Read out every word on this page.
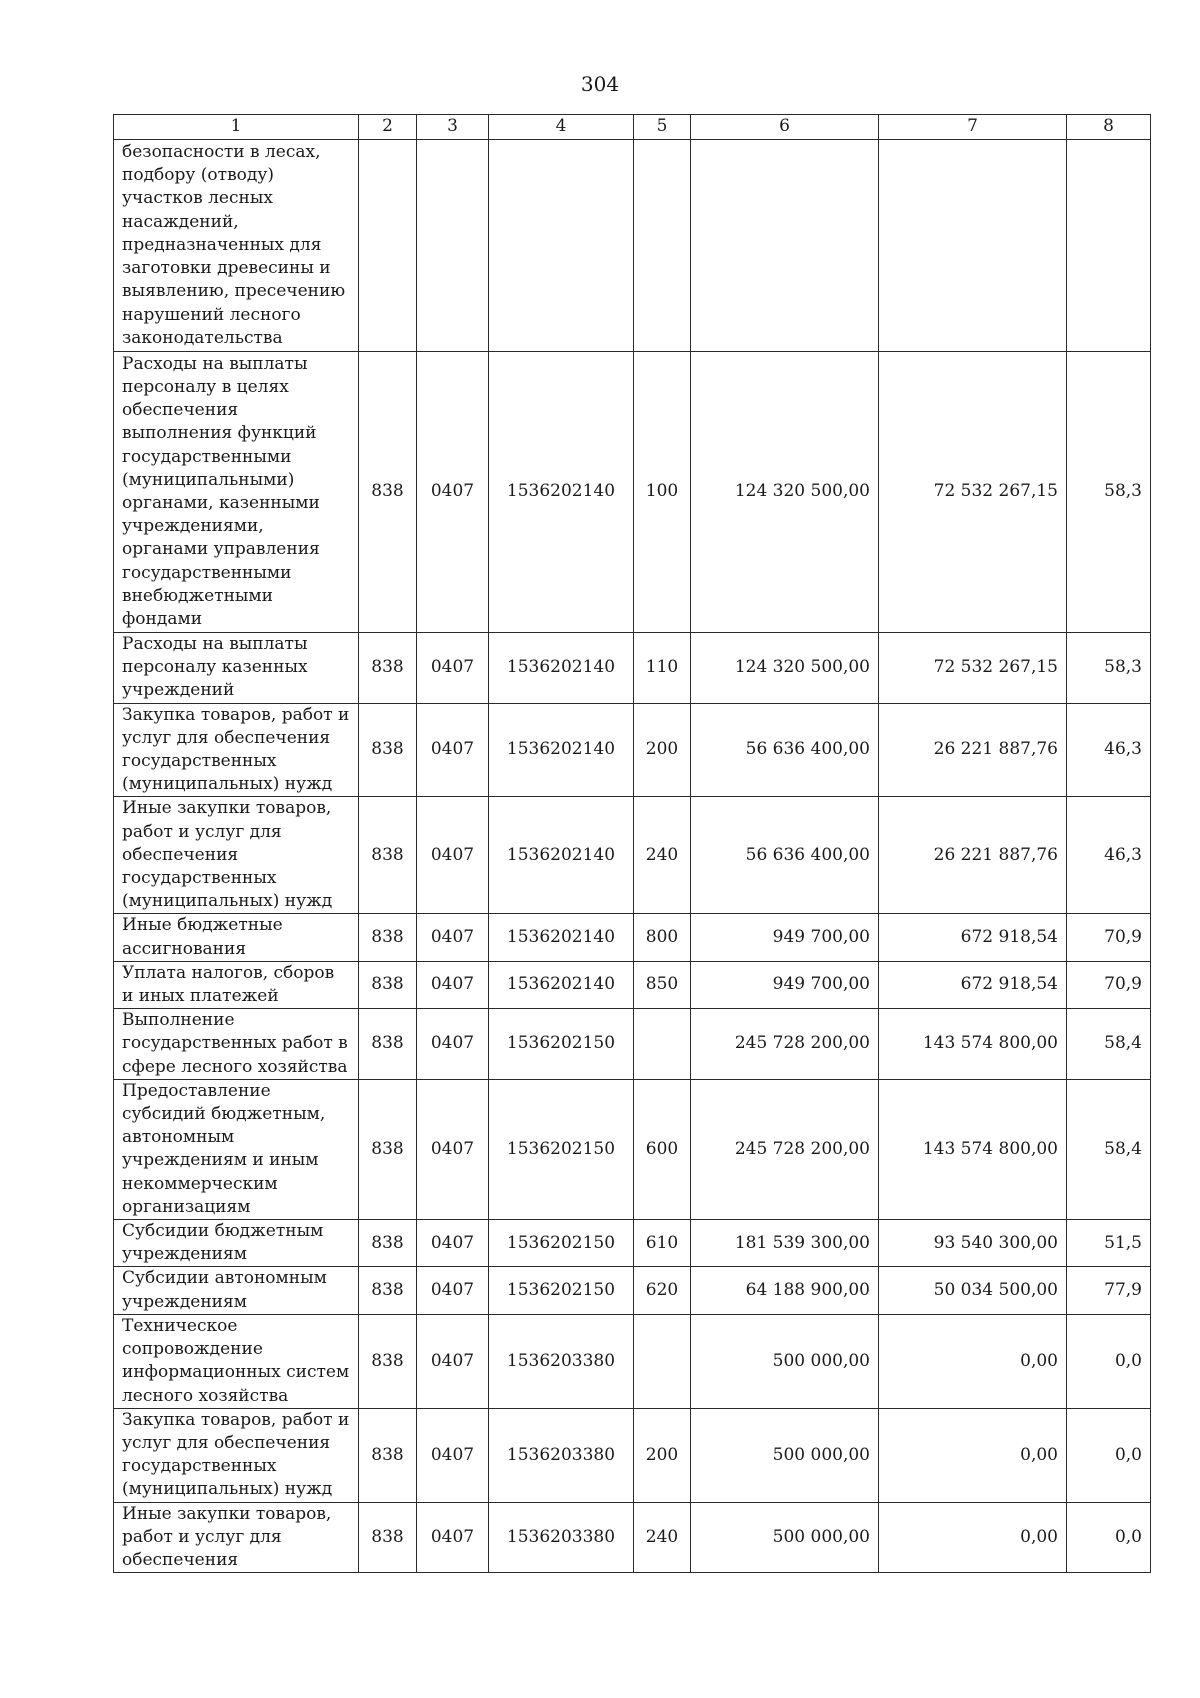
304
1	2	3	4	5	6	7	8
безопасности в лесах, подбору (отводу) участков лесных насаждений, предназначенных для заготовки древесины и выявлению, пресечению нарушений лесного законодательства							
Расходы на выплаты персоналу в целях обеспечения выполнения функций государственными (муниципальными) органами, казенными учреждениями, органами управления государственными внебюджетными фондами	838	0407	1536202140	100	124 320 500,00	72 532 267,15	58,3
Расходы на выплаты персоналу казенных учреждений	838	0407	1536202140	110	124 320 500,00	72 532 267,15	58,3
Закупка товаров, работ и услуг для обеспечения государственных (муниципальных) нужд	838	0407	1536202140	200	56 636 400,00	26 221 887,76	46,3
Иные закупки товаров, работ и услуг для обеспечения государственных (муниципальных) нужд	838	0407	1536202140	240	56 636 400,00	26 221 887,76	46,3
Иные бюджетные ассигнования	838	0407	1536202140	800	949 700,00	672 918,54	70,9
Уплата налогов, сборов и иных платежей	838	0407	1536202140	850	949 700,00	672 918,54	70,9
Выполнение государственных работ в сфере лесного хозяйства	838	0407	1536202150		245 728 200,00	143 574 800,00	58,4
Предоставление субсидий бюджетным, автономным учреждениям и иным некоммерческим организациям	838	0407	1536202150	600	245 728 200,00	143 574 800,00	58,4
Субсидии бюджетным учреждениям	838	0407	1536202150	610	181 539 300,00	93 540 300,00	51,5
Субсидии автономным учреждениям	838	0407	1536202150	620	64 188 900,00	50 034 500,00	77,9
Техническое сопровождение информационных систем лесного хозяйства	838	0407	1536203380		500 000,00	0,00	0,0
Закупка товаров, работ и услуг для обеспечения государственных (муниципальных) нужд	838	0407	1536203380	200	500 000,00	0,00	0,0
Иные закупки товаров, работ и услуг для обеспечения	838	0407	1536203380	240	500 000,00	0,00	0,0
